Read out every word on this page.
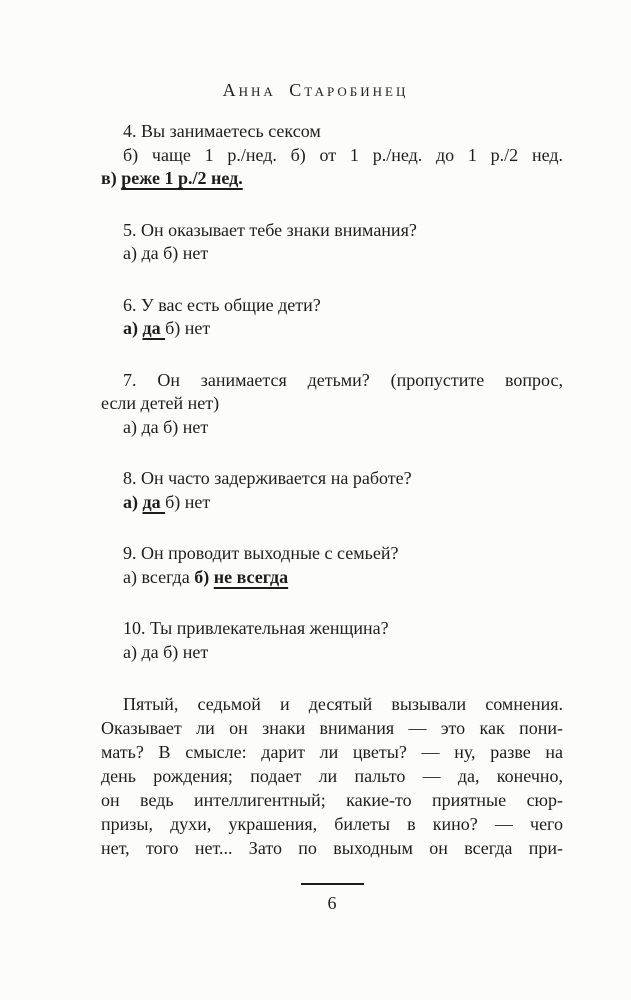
Анна Старобинец
4. Вы занимаетесь сексом
б) чаще 1 р./нед. б) от 1 р./нед. до 1 р./2 нед.
в) реже 1 р./2 нед.
5. Он оказывает тебе знаки внимания?
а) да б) нет
6. У вас есть общие дети?
а) да б) нет
7. Он занимается детьми? (пропустите вопрос,
если детей нет)
а) да б) нет
8. Он часто задерживается на работе?
а) да б) нет
9. Он проводит выходные с семьей?
а) всегда б) не всегда
10. Ты привлекательная женщина?
а) да б) нет
Пятый, седьмой и десятый вызывали сомнения.
Оказывает ли он знаки внимания — это как пони-
мать? В смысле: дарит ли цветы? — ну, разве на
день рождения; подает ли пальто — да, конечно,
он ведь интеллигентный; какие-то приятные сюр-
призы, духи, украшения, билеты в кино? — чего
нет, того нет... Зато по выходным он всегда при-
6
